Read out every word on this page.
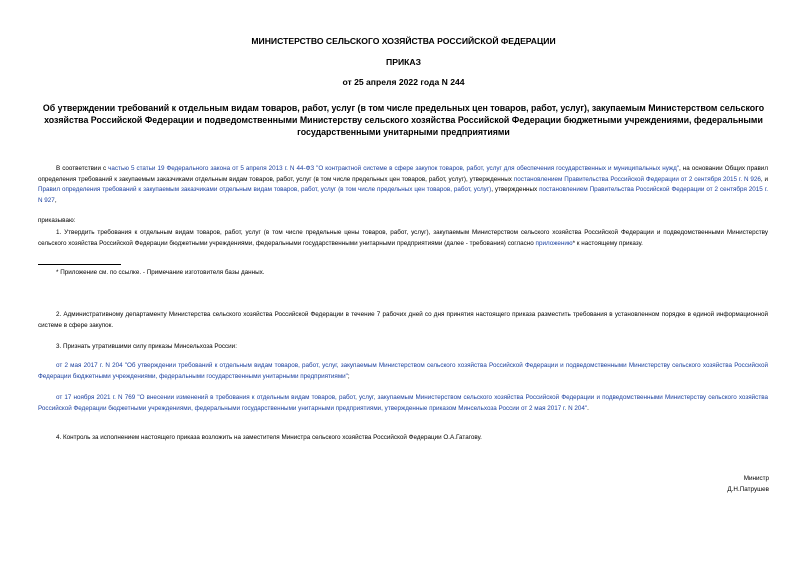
МИНИСТЕРСТВО СЕЛЬСКОГО ХОЗЯЙСТВА РОССИЙСКОЙ ФЕДЕРАЦИИ
ПРИКАЗ
от 25 апреля 2022 года N 244
Об утверждении требований к отдельным видам товаров, работ, услуг (в том числе предельных цен товаров, работ, услуг), закупаемым Министерством сельского хозяйства Российской Федерации и подведомственными Министерству сельского хозяйства Российской Федерации бюджетными учреждениями, федеральными государственными унитарными предприятиями
В соответствии с частью 5 статьи 19 Федерального закона от 5 апреля 2013 г. N 44-ФЗ "О контрактной системе в сфере закупок товаров, работ, услуг для обеспечения государственных и муниципальных нужд", на основании Общих правил определения требований к закупаемым заказчиками отдельным видам товаров, работ, услуг (в том числе предельных цен товаров, работ, услуг), утвержденных постановлением Правительства Российской Федерации от 2 сентября 2015 г. N 926, и Правил определения требований к закупаемым заказчиками отдельным видам товаров, работ, услуг (в том числе предельных цен товаров, работ, услуг), утвержденных постановлением Правительства Российской Федерации от 2 сентября 2015 г. N 927,
приказываю:
1. Утвердить требования к отдельным видам товаров, работ, услуг (в том числе предельные цены товаров, работ, услуг), закупаемым Министерством сельского хозяйства Российской Федерации и подведомственными Министерству сельского хозяйства Российской Федерации бюджетными учреждениями, федеральными государственными унитарными предприятиями (далее - требования) согласно приложению* к настоящему приказу.
* Приложение см. по ссылке. - Примечание изготовителя базы данных.
2. Административному департаменту Министерства сельского хозяйства Российской Федерации в течение 7 рабочих дней со дня принятия настоящего приказа разместить требования в установленном порядке в единой информационной системе в сфере закупок.
3. Признать утратившими силу приказы Минсельхоза России:
от 2 мая 2017 г. N 204 "Об утверждении требований к отдельным видам товаров, работ, услуг, закупаемым Министерством сельского хозяйства Российской Федерации и подведомственными Министерству сельского хозяйства Российской Федерации бюджетными учреждениями, федеральными государственными унитарными предприятиями";
от 17 ноября 2021 г. N 769 "О внесении изменений в требования к отдельным видам товаров, работ, услуг, закупаемым Министерством сельского хозяйства Российской Федерации и подведомственными Министерству сельского хозяйства Российской Федерации бюджетными учреждениями, федеральными государственными унитарными предприятиями, утвержденные приказом Минсельхоза России от 2 мая 2017 г. N 204".
4. Контроль за исполнением настоящего приказа возложить на заместителя Министра сельского хозяйства Российской Федерации О.А.Гатагову.
Министр
Д.Н.Патрушев
